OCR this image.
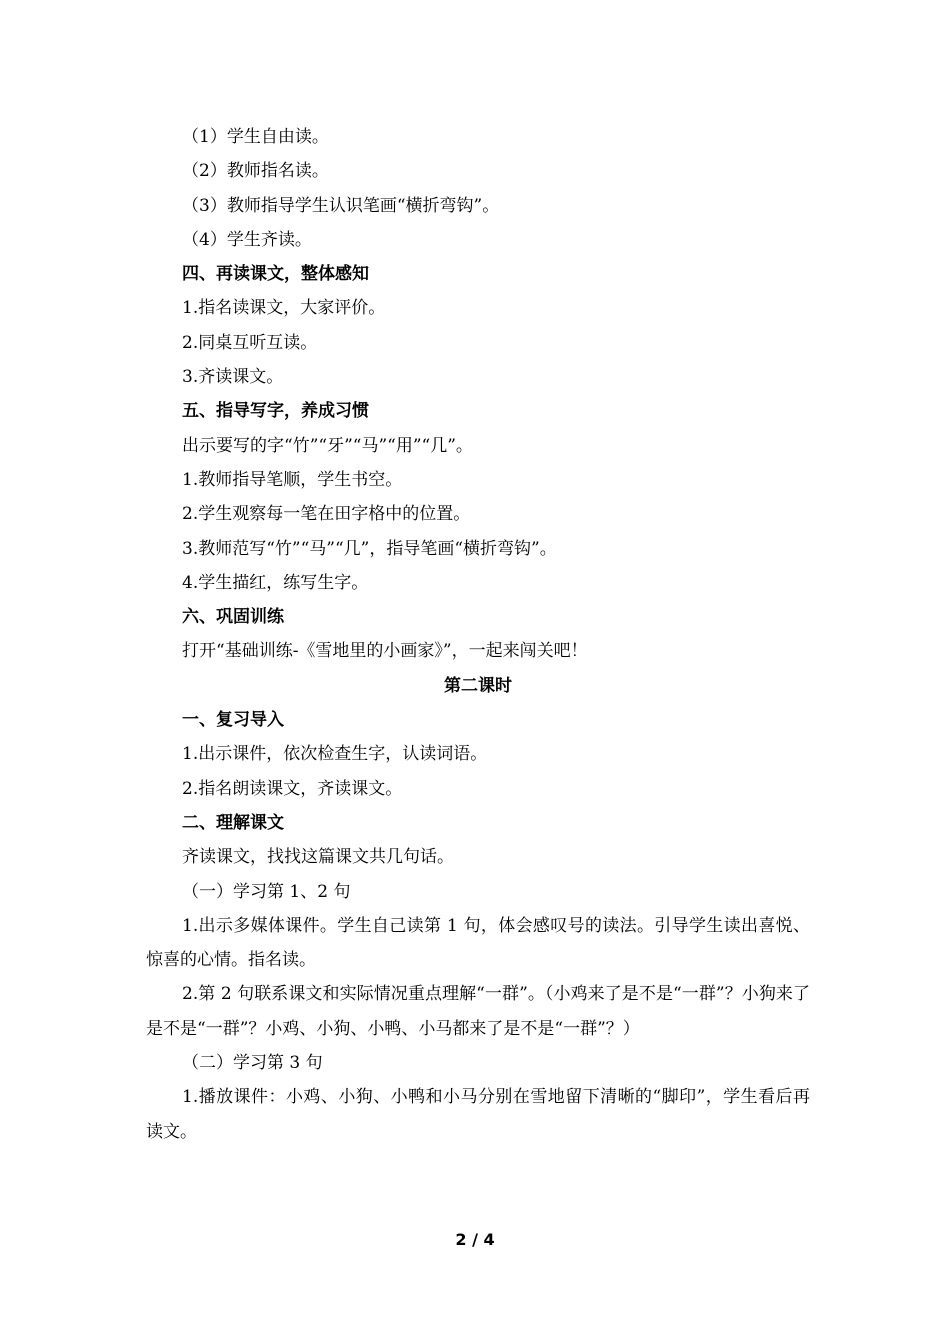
（1）学生自由读。
（2）教师指名读。
（3）教师指导学生认识笔画“横折弯钩”。
（4）学生齐读。
四、再读课文，整体感知
1.指名读课文，大家评价。
2.同桌互听互读。
3.齐读课文。
五、指导写字，养成习惯
出示要写的字“竹”“牙”“马”“用”“几”。
1.教师指导笔顺，学生书空。
2.学生观察每一笔在田字格中的位置。
3.教师范写“竹”“马”“几”，指导笔画“横折弯钩”。
4.学生描红，练写生字。
六、巩固训练
打开“基础训练-《雪地里的小画家》”，一起来闯关吧！
第二课时
一、复习导入
1.出示课件，依次检查生字，认读词语。
2.指名朗读课文，齐读课文。
二、理解课文
齐读课文，找找这篇课文共几句话。
（一）学习第 1、2 句
1.出示多媒体课件。学生自己读第 1 句，体会感叹号的读法。引导学生读出喜悦、惊喜的心情。指名读。
2.第 2 句联系课文和实际情况重点理解“一群”。（小鸡来了是不是“一群”？小狗来了是不是“一群”？小鸡、小狗、小鸭、小马都来了是不是“一群”？）
（二）学习第 3 句
1.播放课件：小鸡、小狗、小鸭和小马分别在雪地留下清晰的“脚印”，学生看后再读文。
2 / 4
